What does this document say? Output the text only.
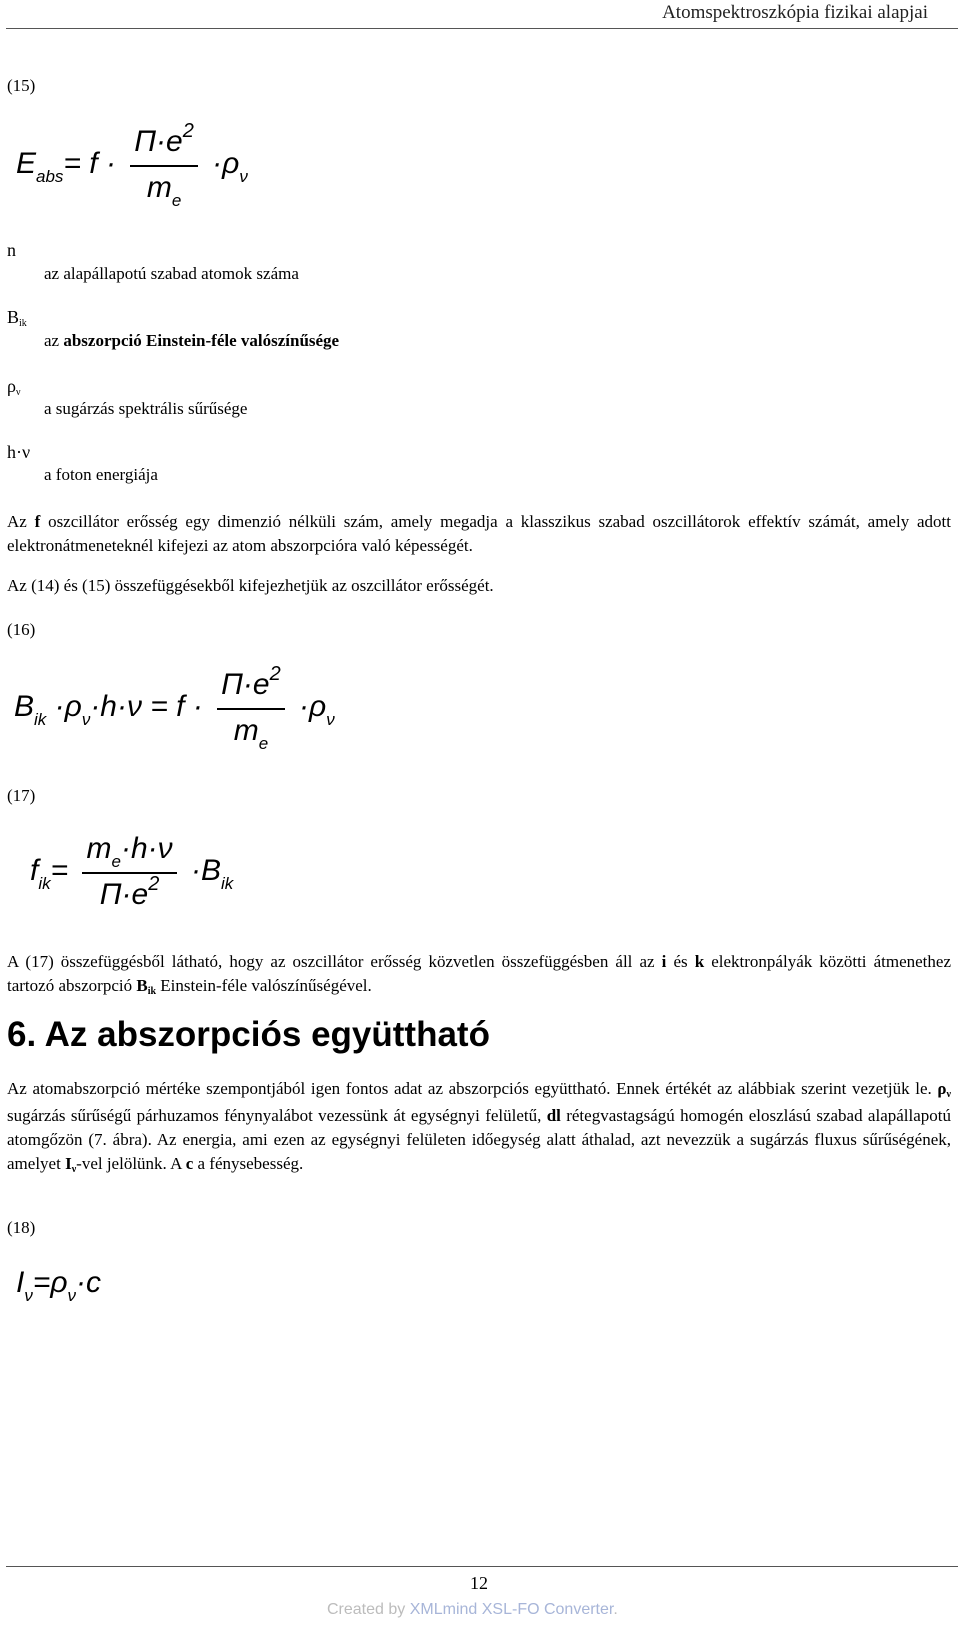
Atomspektroszkópia fizikai alapjai
(15)
$E_{abs}= f \cdot \frac{\Pi\cdot e^2}{m_e} \cdot\rho_\nu$
n
az alapállapotú szabad atomok száma
Bik
az abszorpció Einstein-féle valószínűsége
ρν
a sugárzás spektrális sűrűsége
h·ν
a foton energiája
Az f oszcillátor erősség egy dimenzió nélküli szám, amely megadja a klasszikus szabad oszcillátorok effektív számát, amely adott elektronátmeneteknél kifejezi az atom abszorpcióra való képességét.
Az (14) és (15) összefüggésekből kifejezhetjük az oszcillátor erősségét.
(16)
$B_{ik} \cdot\rho_\nu\cdot h\cdot\nu = f \cdot \frac{\Pi\cdot e^2}{m_e} \cdot\rho_\nu$
(17)
$f_{ik}= \frac{m_e\cdot h\cdot\nu}{\Pi\cdot e^2} \cdot B_{ik}$
A (17) összefüggésből látható, hogy az oszcillátor erősség közvetlen összefüggésben áll az i és k elektronpályák közötti átmenethez tartozó abszorpció Bik Einstein-féle valószínűségével.
6. Az abszorpciós együttható
Az atomabszorpció mértéke szempontjából igen fontos adat az abszorpciós együttható. Ennek értékét az alábbiak szerint vezetjük le. ρν sugárzás sűrűségű párhuzamos fénynyalábot vezessünk át egységnyi felületű, dl rétegvastagságú homogén eloszlású szabad alapállapotú atomgőzön (7. ábra). Az energia, ami ezen az egységnyi felületen időegység alatt áthalad, azt nevezzük a sugárzás fluxus sűrűségének, amelyet Iν-vel jelölünk. A c a fénysebesség.
(18)
$I_\nu=\rho_\nu\cdot c$
12
Created by XMLmind XSL-FO Converter.
